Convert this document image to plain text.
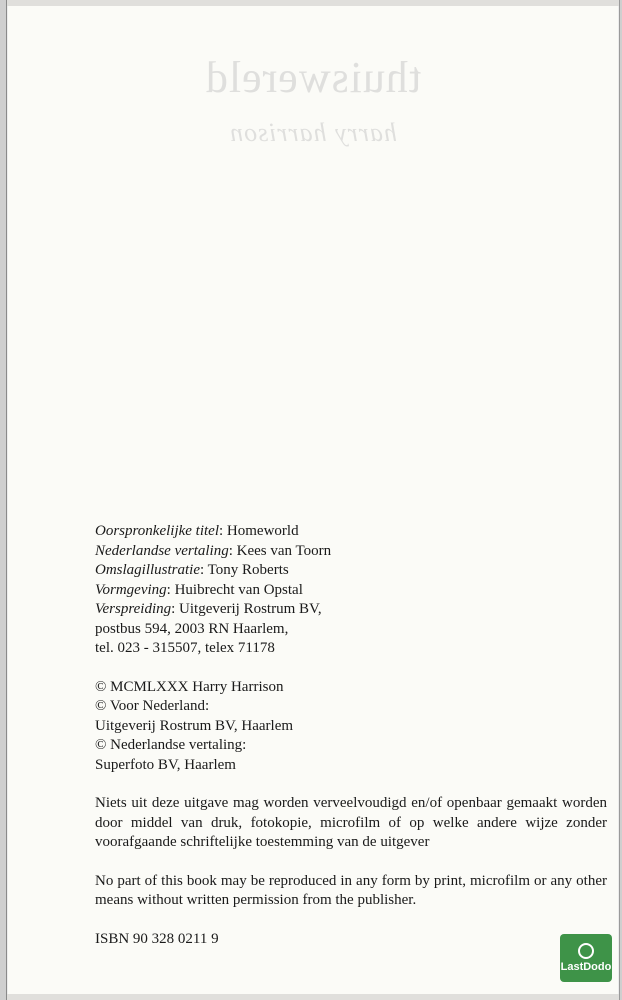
thuiswereld
harry harrison
Oorspronkelijke titel: Homeworld
Nederlandse vertaling: Kees van Toorn
Omslagillustratie: Tony Roberts
Vormgeving: Huibrecht van Opstal
Verspreiding: Uitgeverij Rostrum BV,
postbus 594, 2003 RN Haarlem,
tel. 023 - 315507, telex 71178
© MCMLXXX Harry Harrison
© Voor Nederland:
Uitgeverij Rostrum BV, Haarlem
© Nederlandse vertaling:
Superfoto BV, Haarlem

Niets uit deze uitgave mag worden verveelvoudigd en/of openbaar gemaakt worden door middel van druk, fotokopie, microfilm of op welke andere wijze zonder voorafgaande schriftelijke toestemming van de uitgever

No part of this book may be reproduced in any form by print, microfilm or any other means without written permission from the publisher.

ISBN 90 328 0211 9
LastDodo
